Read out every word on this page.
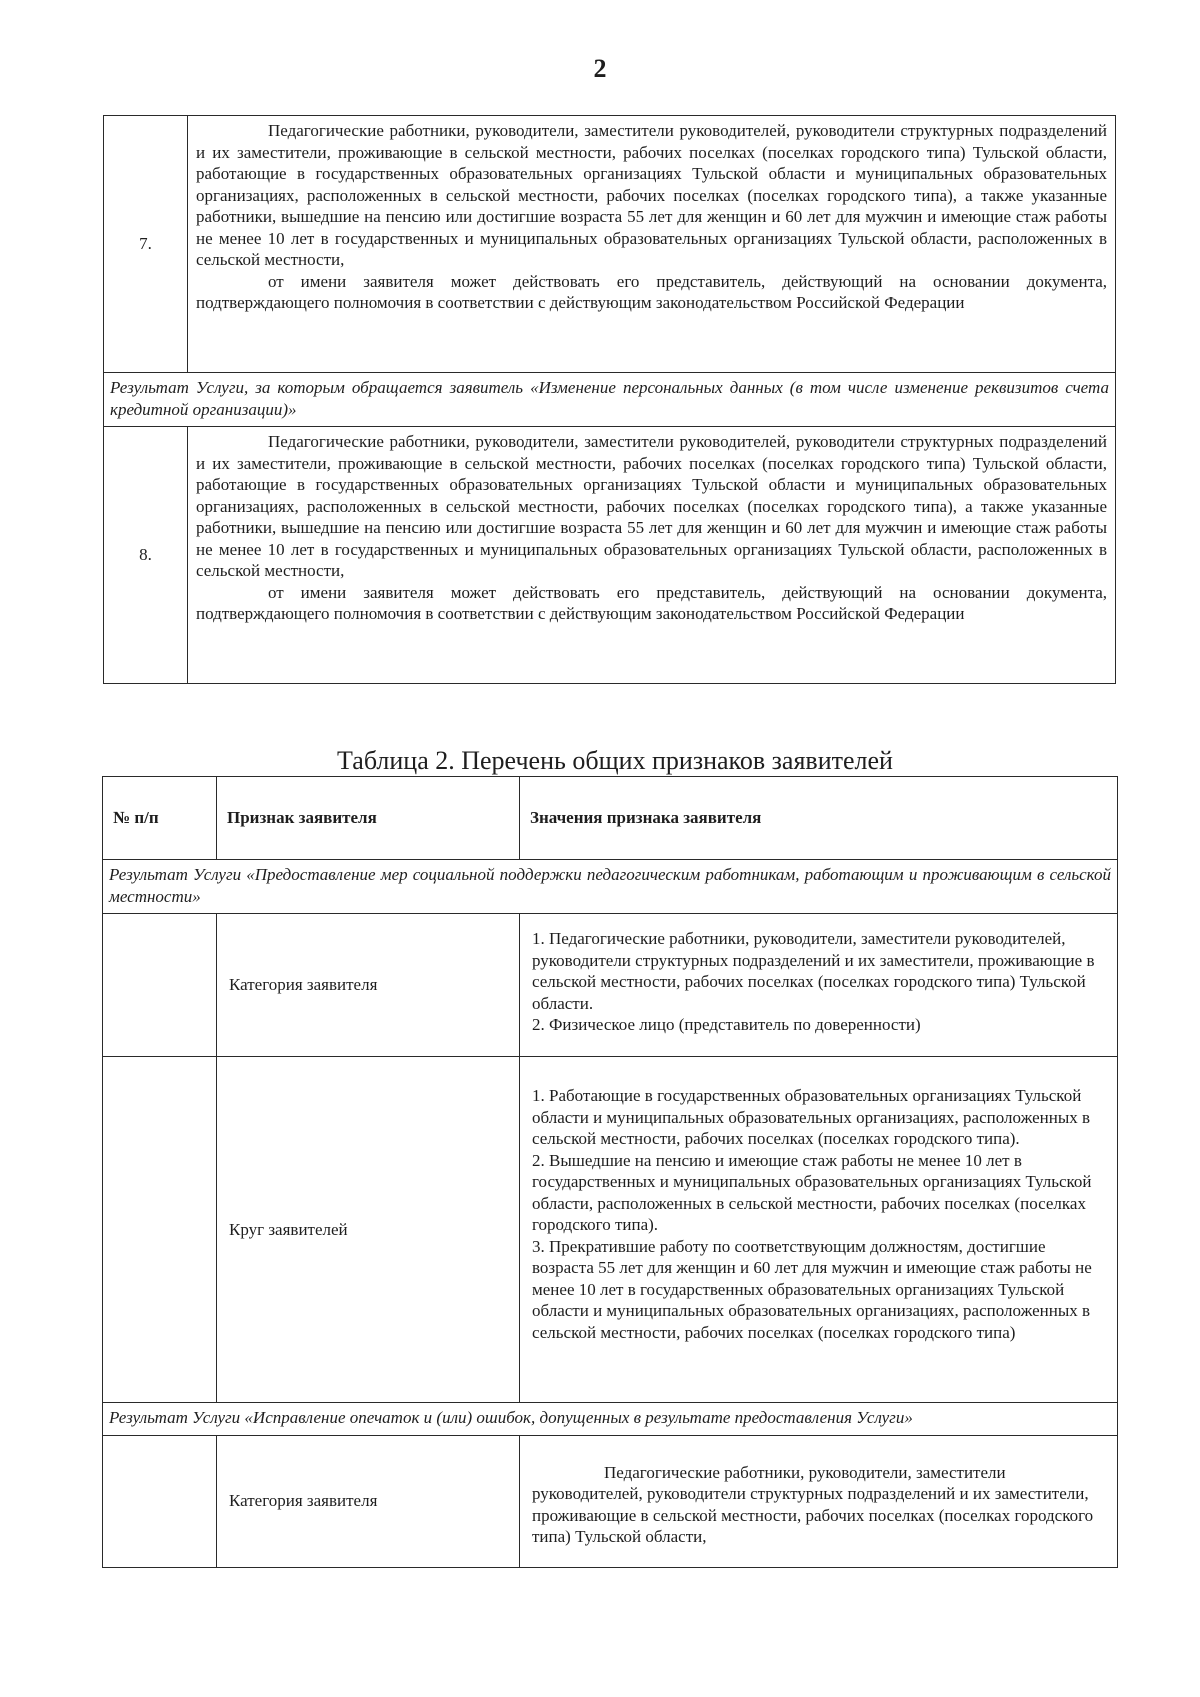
2
7.	Педагогические работники, руководители, заместители руководителей, руководители структурных подразделений и их заместители, проживающие в сельской местности, рабочих поселках (поселках городского типа) Тульской области, работающие в государственных образовательных организациях Тульской области и муниципальных образовательных организациях, расположенных в сельской местности, рабочих поселках (поселках городского типа), а также указанные работники, вышедшие на пенсию или достигшие возраста 55 лет для женщин и 60 лет для мужчин и имеющие стаж работы не менее 10 лет в государственных и муниципальных образовательных организациях Тульской области, расположенных в сельской местности,
от имени заявителя может действовать его представитель, действующий на основании документа, подтверждающего полномочия в соответствии с действующим законодательством Российской Федерации

Результат Услуги, за которым обращается заявитель «Изменение персональных данных (в том числе изменение реквизитов счета кредитной организации)»	
8.	Педагогические работники, руководители, заместители руководителей, руководители структурных подразделений и их заместители, проживающие в сельской местности, рабочих поселках (поселках городского типа) Тульской области, работающие в государственных образовательных организациях Тульской области и муниципальных образовательных организациях, расположенных в сельской местности, рабочих поселках (поселках городского типа), а также указанные работники, вышедшие на пенсию или достигшие возраста 55 лет для женщин и 60 лет для мужчин и имеющие стаж работы не менее 10 лет в государственных и муниципальных образовательных организациях Тульской области, расположенных в сельской местности,
от имени заявителя может действовать его представитель, действующий на основании документа, подтверждающего полномочия в соответствии с действующим законодательством Российской Федерации
Таблица 2. Перечень общих признаков заявителей
№ п/п	Признак заявителя	Значения признака заявителя
Результат Услуги «Предоставление мер социальной поддержки педагогическим работникам, работающим и проживающим в сельской местности»		
	Категория заявителя	1. Педагогические работники, руководители, заместители руководителей, руководители структурных подразделений и их заместители, проживающие в сельской местности, рабочих поселках (поселках городского типа) Тульской области.
2. Физическое лицо (представитель по доверенности)

	Круг заявителей	1. Работающие в государственных образовательных организациях Тульской области и муниципальных образовательных организациях, расположенных в сельской местности, рабочих поселках (поселках городского типа).
2. Вышедшие на пенсию и имеющие стаж работы не менее 10 лет в государственных и муниципальных образовательных организациях Тульской области, расположенных в сельской местности, рабочих поселках (поселках городского типа).
3. Прекратившие работу по соответствующим должностям, достигшие возраста 55 лет для женщин и 60 лет для мужчин и имеющие стаж работы не менее 10 лет в государственных образовательных организациях Тульской области и муниципальных образовательных организациях, расположенных в сельской местности, рабочих поселках (поселках городского типа)

Результат Услуги «Исправление опечаток и (или) ошибок, допущенных в результате предоставления Услуги»		
	Категория заявителя	Педагогические работники, руководители, заместители руководителей, руководители структурных подразделений и их заместители, проживающие в сельской местности, рабочих поселках (поселках городского типа) Тульской области,
